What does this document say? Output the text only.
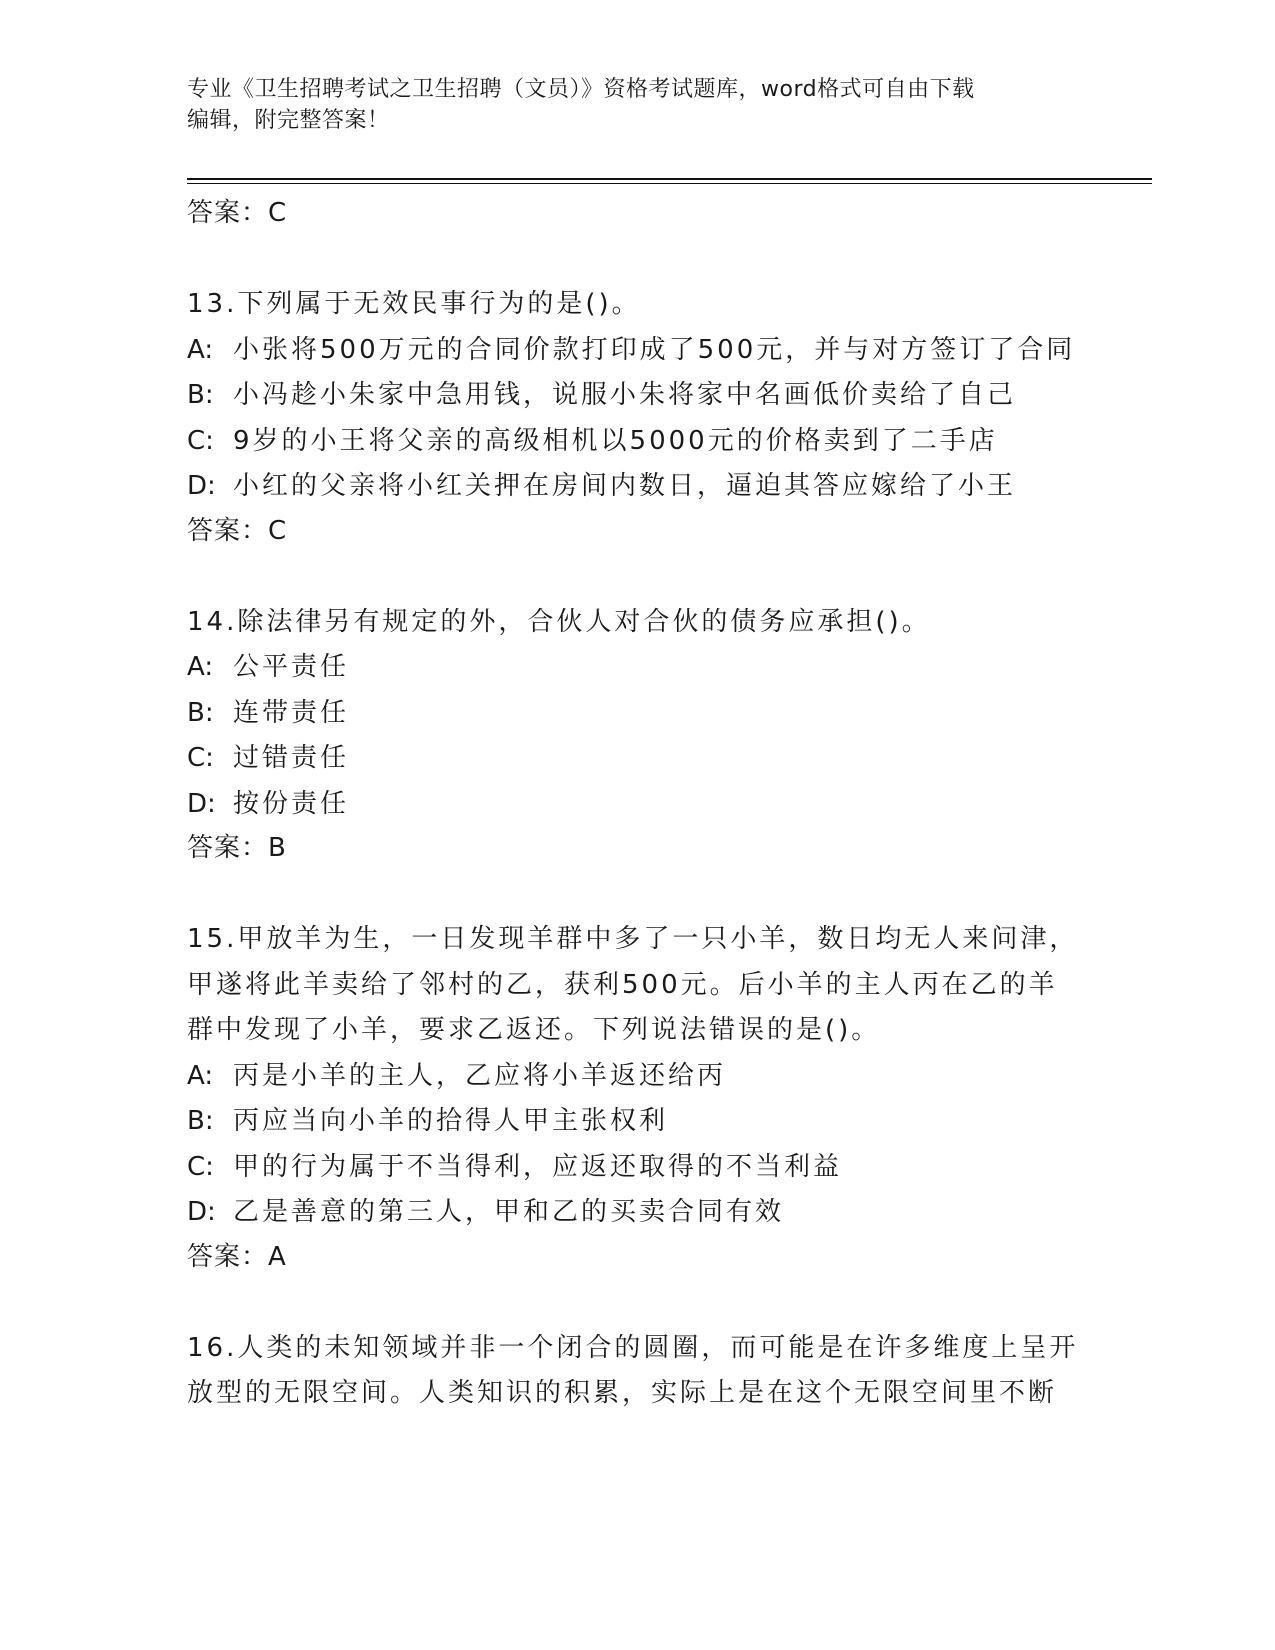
专业《卫生招聘考试之卫生招聘（文员）》资格考试题库，word格式可自由下载
编辑，附完整答案！

答案：C

13.下列属于无效民事行为的是()。

A: 小张将500万元的合同价款打印成了500元，并与对方签订了合同

B: 小冯趁小朱家中急用钱，说服小朱将家中名画低价卖给了自己

C: 9岁的小王将父亲的高级相机以5000元的价格卖到了二手店

D: 小红的父亲将小红关押在房间内数日，逼迫其答应嫁给了小王

答案：C

14.除法律另有规定的外，合伙人对合伙的债务应承担()。

A: 公平责任

B: 连带责任

C: 过错责任

D: 按份责任

答案：B

15.甲放羊为生，一日发现羊群中多了一只小羊，数日均无人来问津，

甲遂将此羊卖给了邻村的乙，获利500元。后小羊的主人丙在乙的羊

群中发现了小羊，要求乙返还。下列说法错误的是()。

A: 丙是小羊的主人，乙应将小羊返还给丙

B: 丙应当向小羊的拾得人甲主张权利

C: 甲的行为属于不当得利，应返还取得的不当利益

D: 乙是善意的第三人，甲和乙的买卖合同有效

答案：A

16.人类的未知领域并非一个闭合的圆圈，而可能是在许多维度上呈开

放型的无限空间。人类知识的积累，实际上是在这个无限空间里不断
